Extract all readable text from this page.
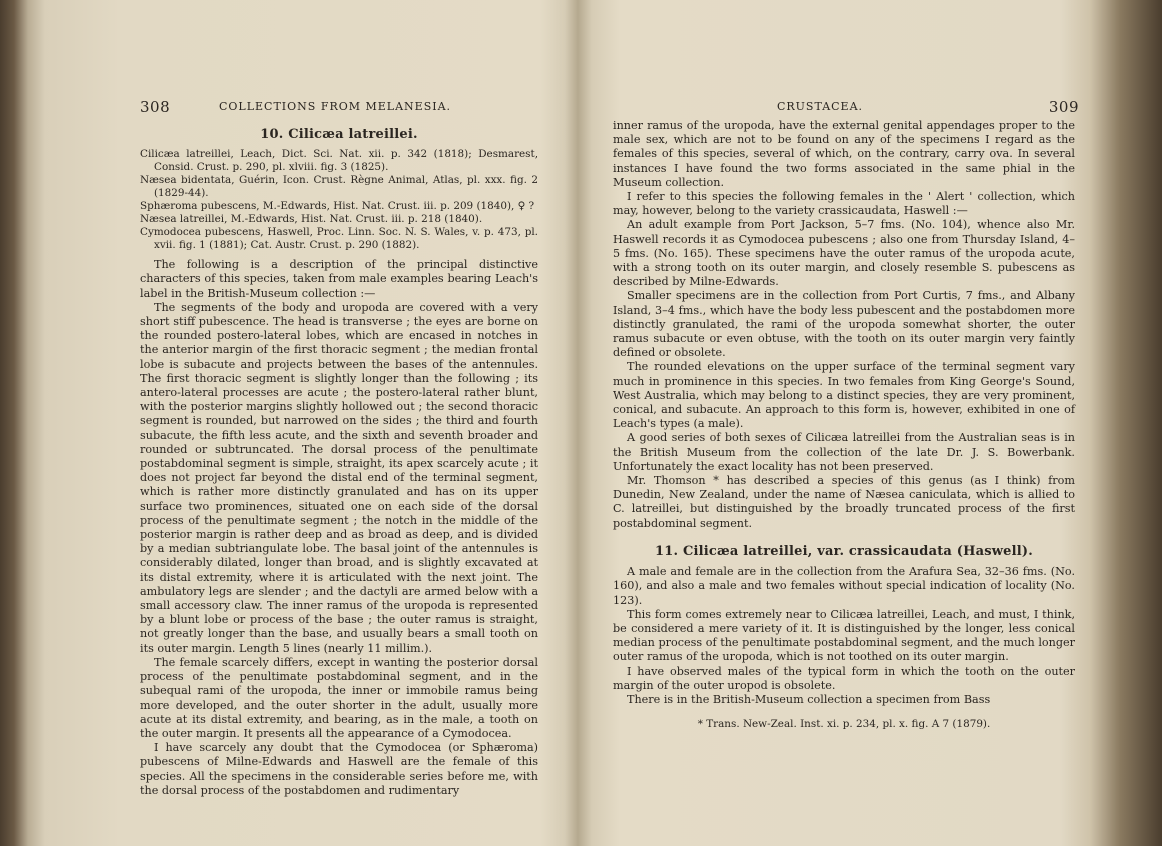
308	COLLECTIONS FROM MELANESIA.
10. Cilicæa latreillei.

Cilicæa latreillei, Leach, Dict. Sci. Nat. xii. p. 342 (1818); Desmarest, Consid. Crust. p. 290, pl. xlviii. fig. 3 (1825).

Næsea bidentata, Guérin, Icon. Crust. Règne Animal, Atlas, pl. xxx. fig. 2 (1829-44).

Sphæroma pubescens, M.-Edwards, Hist. Nat. Crust. iii. p. 209 (1840), ♀ ?

Næsea latreillei, M.-Edwards, Hist. Nat. Crust. iii. p. 218 (1840).

Cymodocea pubescens, Haswell, Proc. Linn. Soc. N. S. Wales, v. p. 473, pl. xvii. fig. 1 (1881); Cat. Austr. Crust. p. 290 (1882).

The following is a description of the principal distinctive characters of this species, taken from male examples bearing Leach's label in the British-Museum collection :—

The segments of the body and uropoda are covered with a very short stiff pubescence. The head is transverse ; the eyes are borne on the rounded postero-lateral lobes, which are encased in notches in the anterior margin of the first thoracic segment ; the median frontal lobe is subacute and projects between the bases of the antennules. The first thoracic segment is slightly longer than the following ; its antero-lateral processes are acute ; the postero-lateral rather blunt, with the posterior margins slightly hollowed out ; the second thoracic segment is rounded, but narrowed on the sides ; the third and fourth subacute, the fifth less acute, and the sixth and seventh broader and rounded or subtruncated. The dorsal process of the penultimate postabdominal segment is simple, straight, its apex scarcely acute ; it does not project far beyond the distal end of the terminal segment, which is rather more distinctly granulated and has on its upper surface two prominences, situated one on each side of the dorsal process of the penultimate segment ; the notch in the middle of the posterior margin is rather deep and as broad as deep, and is divided by a median subtriangulate lobe. The basal joint of the antennules is considerably dilated, longer than broad, and is slightly excavated at its distal extremity, where it is articulated with the next joint. The ambulatory legs are slender ; and the dactyli are armed below with a small accessory claw. The inner ramus of the uropoda is represented by a blunt lobe or process of the base ; the outer ramus is straight, not greatly longer than the base, and usually bears a small tooth on its outer margin. Length 5 lines (nearly 11 millim.).

The female scarcely differs, except in wanting the posterior dorsal process of the penultimate postabdominal segment, and in the subequal rami of the uropoda, the inner or immobile ramus being more developed, and the outer shorter in the adult, usually more acute at its distal extremity, and bearing, as in the male, a tooth on the outer margin. It presents all the appearance of a Cymodocea.

I have scarcely any doubt that the Cymodocea (or Sphæroma) pubescens of Milne-Edwards and Haswell are the female of this species. All the specimens in the considerable series before me, with the dorsal process of the postabdomen and rudimentary

CRUSTACEA.	309

inner ramus of the uropoda, have the external genital appendages proper to the male sex, which are not to be found on any of the specimens I regard as the females of this species, several of which, on the contrary, carry ova. In several instances I have found the two forms associated in the same phial in the Museum collection.

I refer to this species the following females in the ' Alert ' collection, which may, however, belong to the variety crassicaudata, Haswell :—

An adult example from Port Jackson, 5–7 fms. (No. 104), whence also Mr. Haswell records it as Cymodocea pubescens ; also one from Thursday Island, 4–5 fms. (No. 165). These specimens have the outer ramus of the uropoda acute, with a strong tooth on its outer margin, and closely resemble S. pubescens as described by Milne-Edwards.

Smaller specimens are in the collection from Port Curtis, 7 fms., and Albany Island, 3–4 fms., which have the body less pubescent and the postabdomen more distinctly granulated, the rami of the uropoda somewhat shorter, the outer ramus subacute or even obtuse, with the tooth on its outer margin very faintly defined or obsolete.

The rounded elevations on the upper surface of the terminal segment vary much in prominence in this species. In two females from King George's Sound, West Australia, which may belong to a distinct species, they are very prominent, conical, and subacute. An approach to this form is, however, exhibited in one of Leach's types (a male).

A good series of both sexes of Cilicæa latreillei from the Australian seas is in the British Museum from the collection of the late Dr. J. S. Bowerbank. Unfortunately the exact locality has not been preserved.

Mr. Thomson * has described a species of this genus (as I think) from Dunedin, New Zealand, under the name of Næsea caniculata, which is allied to C. latreillei, but distinguished by the broadly truncated process of the first postabdominal segment.

11. Cilicæa latreillei, var. crassicaudata (Haswell).

A male and female are in the collection from the Arafura Sea, 32–36 fms. (No. 160), and also a male and two females without special indication of locality (No. 123).

This form comes extremely near to Cilicæa latreillei, Leach, and must, I think, be considered a mere variety of it. It is distinguished by the longer, less conical median process of the penultimate postabdominal segment, and the much longer outer ramus of the uropoda, which is not toothed on its outer margin.

I have observed males of the typical form in which the tooth on the outer margin of the outer uropod is obsolete.

There is in the British-Museum collection a specimen from Bass

* Trans. New-Zeal. Inst. xi. p. 234, pl. x. fig. A 7 (1879).
